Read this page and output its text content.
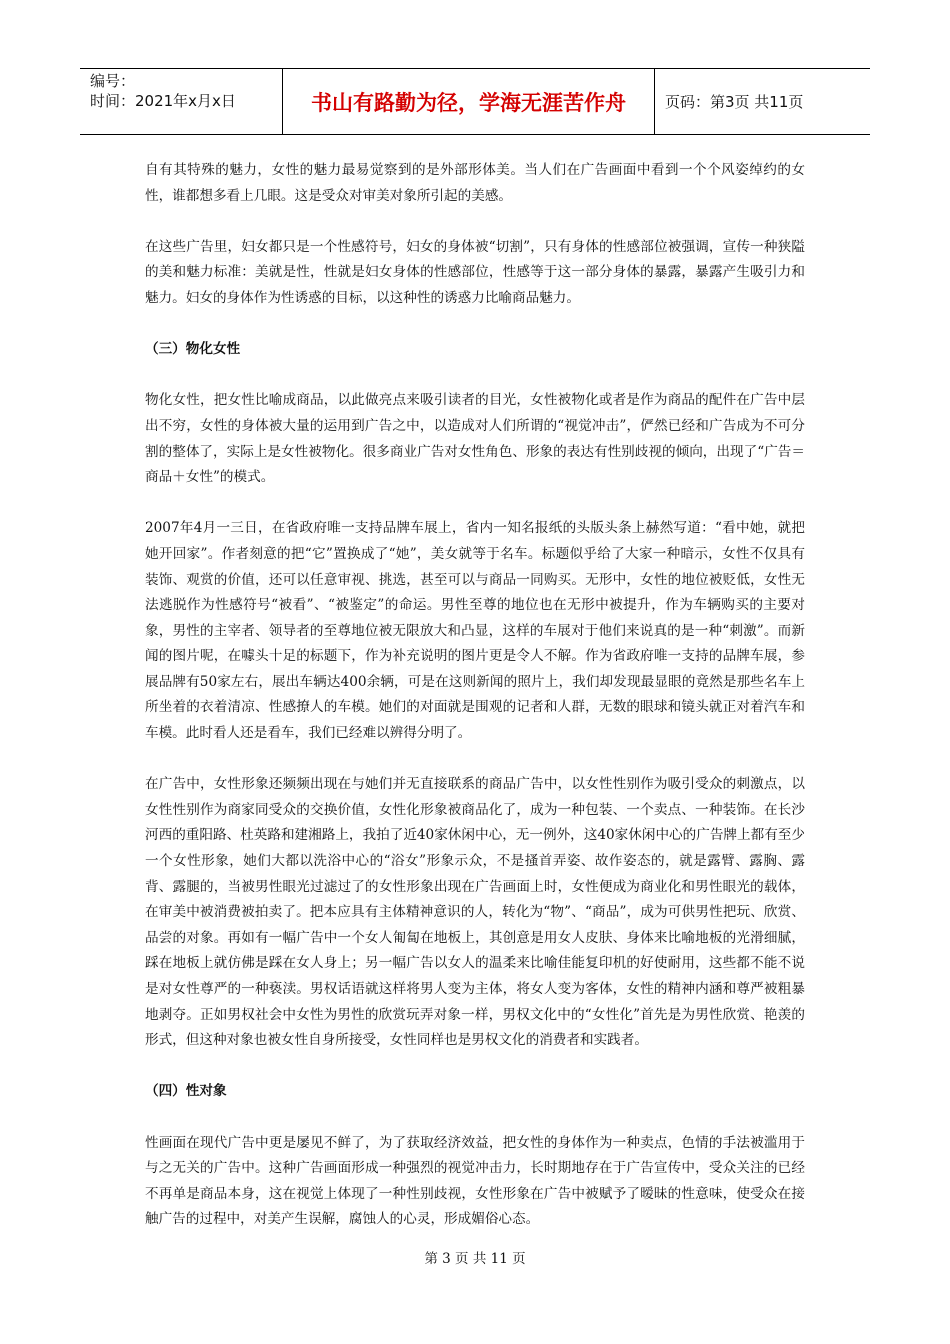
编号：
时间：2021年x月x日	书山有路勤为径，学海无涯苦作舟	页码：第3页 共11页

自有其特殊的魅力，女性的魅力最易觉察到的是外部形体美。当人们在广告画面中看到一个个风姿绰约的女性，谁都想多看上几眼。这是受众对审美对象所引起的美感。

在这些广告里，妇女都只是一个性感符号，妇女的身体被“切割”，只有身体的性感部位被强调，宣传一种狭隘的美和魅力标准：美就是性，性就是妇女身体的性感部位，性感等于这一部分身体的暴露，暴露产生吸引力和魅力。妇女的身体作为性诱惑的目标，以这种性的诱惑力比喻商品魅力。

（三）物化女性

物化女性，把女性比喻成商品，以此做亮点来吸引读者的目光，女性被物化或者是作为商品的配件在广告中层出不穷，女性的身体被大量的运用到广告之中，以造成对人们所谓的“视觉冲击”，俨然已经和广告成为不可分割的整体了，实际上是女性被物化。很多商业广告对女性角色、形象的表达有性别歧视的倾向，出现了“广告＝商品＋女性”的模式。

2007年4月一三日，在省政府唯一支持品牌车展上，省内一知名报纸的头版头条上赫然写道：“看中她，就把她开回家”。作者刻意的把“它”置换成了“她”，美女就等于名车。标题似乎给了大家一种暗示，女性不仅具有装饰、观赏的价值，还可以任意审视、挑选，甚至可以与商品一同购买。无形中，女性的地位被贬低，女性无法逃脱作为性感符号“被看”、“被鉴定”的命运。男性至尊的地位也在无形中被提升，作为车辆购买的主要对象，男性的主宰者、领导者的至尊地位被无限放大和凸显，这样的车展对于他们来说真的是一种“刺激”。而新闻的图片呢，在噱头十足的标题下，作为补充说明的图片更是令人不解。作为省政府唯一支持的品牌车展，参展品牌有50家左右，展出车辆达400余辆，可是在这则新闻的照片上，我们却发现最显眼的竟然是那些名车上所坐着的衣着清凉、性感撩人的车模。她们的对面就是围观的记者和人群，无数的眼球和镜头就正对着汽车和车模。此时看人还是看车，我们已经难以辨得分明了。

在广告中，女性形象还频频出现在与她们并无直接联系的商品广告中，以女性性别作为吸引受众的刺激点，以女性性别作为商家同受众的交换价值，女性化形象被商品化了，成为一种包装、一个卖点、一种装饰。在长沙河西的重阳路、杜英路和建湘路上，我拍了近40家休闲中心，无一例外，这40家休闲中心的广告牌上都有至少一个女性形象，她们大都以洗浴中心的“浴女”形象示众，不是搔首弄姿、故作姿态的，就是露臂、露胸、露背、露腿的，当被男性眼光过滤过了的女性形象出现在广告画面上时，女性便成为商业化和男性眼光的载体，在审美中被消费被拍卖了。把本应具有主体精神意识的人，转化为“物”、“商品”，成为可供男性把玩、欣赏、品尝的对象。再如有一幅广告中一个女人匍匐在地板上，其创意是用女人皮肤、身体来比喻地板的光滑细腻，踩在地板上就仿佛是踩在女人身上；另一幅广告以女人的温柔来比喻佳能复印机的好使耐用，这些都不能不说是对女性尊严的一种亵渎。男权话语就这样将男人变为主体，将女人变为客体，女性的精神内涵和尊严被粗暴地剥夺。正如男权社会中女性为男性的欣赏玩弄对象一样，男权文化中的“女性化”首先是为男性欣赏、艳羡的形式，但这种对象也被女性自身所接受，女性同样也是男权文化的消费者和实践者。

（四）性对象

性画面在现代广告中更是屡见不鲜了，为了获取经济效益，把女性的身体作为一种卖点，色情的手法被滥用于与之无关的广告中。这种广告画面形成一种强烈的视觉冲击力，长时期地存在于广告宣传中，受众关注的已经不再单是商品本身，这在视觉上体现了一种性别歧视，女性形象在广告中被赋予了暧昧的性意味，使受众在接触广告的过程中，对美产生误解，腐蚀人的心灵，形成媚俗心态。

第 3 页 共 11 页
